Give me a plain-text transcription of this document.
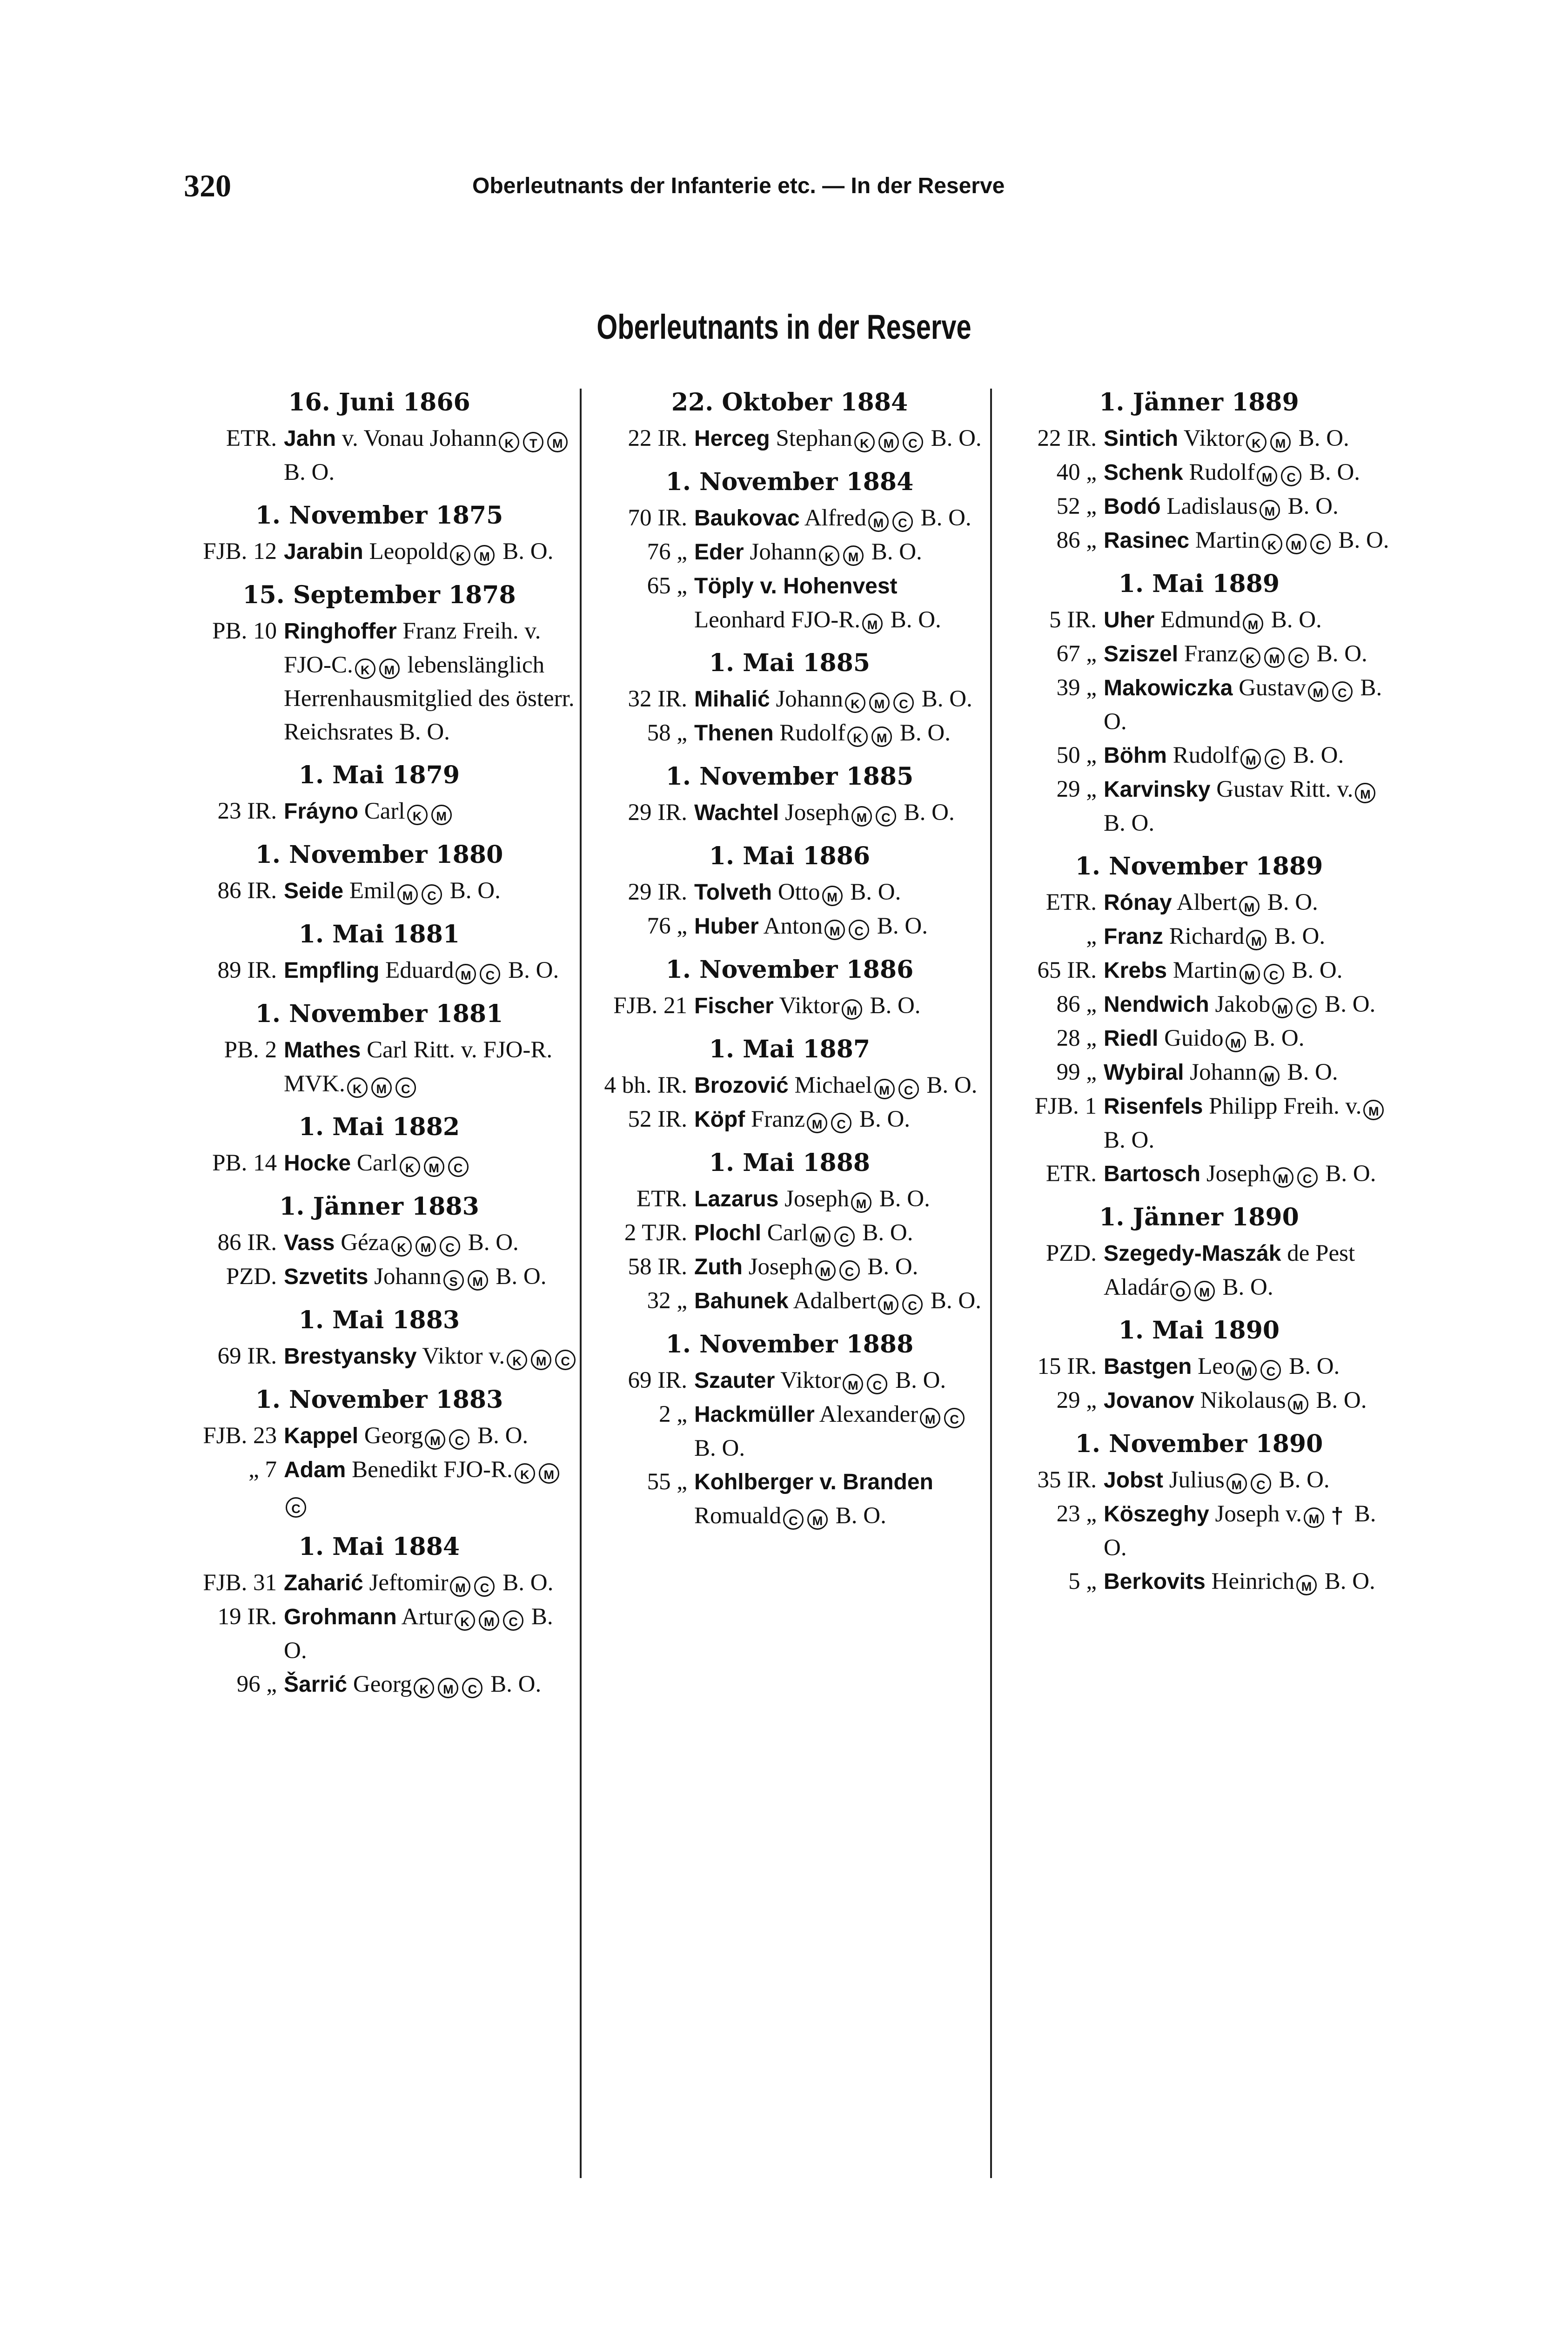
320	Oberleutnants der Infanterie etc. — In der Reserve
Oberleutnants in der Reserve
16. Juni 1866
ETR. Jahn v. Vonau Johann K T M B. O.
1. November 1875
FJB. 12 Jarabin Leopold K M B. O.
15. September 1878
PB. 10 Ringhoffer Franz Freih. v. FJO-C. K M lebenslänglich Herrenhausmitglied des österr. Reichsrates B. O.
1. Mai 1879
23 IR. Fráyno Carl K M
1. November 1880
86 IR. Seide Emil M C B. O.
1. Mai 1881
89 IR. Empfling Eduard M C B. O.
1. November 1881
PB. 2 Mathes Carl Ritt. v. FJO-R. MVK. K M C
1. Mai 1882
PB. 14 Hocke Carl K M C
1. Jänner 1883
86 IR. Vass Géza K M C B. O.
PZD. Szvetits Johann S M B. O.
1. Mai 1883
69 IR. Brestyansky Viktor v. K M C
1. November 1883
FJB. 23 Kappel Georg M C B. O.
„ 7 Adam Benedikt FJO-R. K MC
1. Mai 1884
FJB. 31 Zaharić Jeftomir M C B. O.
19 IR. Grohmann Artur K M C B. O.
96 „ Šarrić Georg K M C B. O.
22. Oktober 1884
22 IR. Herceg Stephan K M C B. O.
1. November 1884
70 IR. Baukovac Alfred M C B. O.
76 „ Eder Johann K M B. O.
65 „ Töply v. Hohenvest Leonhard FJO-R. M B. O.
1. Mai 1885
32 IR. Mihalić Johann K M C B. O.
58 „ Thenen Rudolf K M B. O.
1. November 1885
29 IR. Wachtel Joseph M C B. O.
1. Mai 1886
29 IR. Tolveth Otto M B. O.
76 „ Huber Anton M C B. O.
1. November 1886
FJB. 21 Fischer Viktor M B. O.
1. Mai 1887
4 bh. IR. Brozović Michael M C B. O.
52 IR. Köpf Franz M C B. O.
1. Mai 1888
ETR. Lazarus Joseph M B. O.
2 TJR. Plochl Carl M C B. O.
58 IR. Zuth Joseph M C B. O.
32 „ Bahunek Adalbert M C B. O.
1. November 1888
69 IR. Szauter Viktor M C B. O.
2 „ Hackmüller Alexander M C B. O.
55 „ Kohlberger v. Branden Romuald C M B. O.
1. Jänner 1889
22 IR. Sintich Viktor K M B. O.
40 „ Schenk Rudolf M C B. O.
52 „ Bodó Ladislaus M B. O.
86 „ Rasinec Martin K M C B. O.
1. Mai 1889
5 IR. Uher Edmund M B. O.
67 „ Sziszel Franz K M C B. O.
39 „ Makowiczka Gustav M C B. O.
50 „ Böhm Rudolf M C B. O.
29 „ Karvinsky Gustav Ritt. v. M B. O.
1. November 1889
ETR. Rónay Albert M B. O.
„ Franz Richard M B. O.
65 IR. Krebs Martin M C B. O.
86 „ Nendwich Jakob M C B. O.
28 „ Riedl Guido M B. O.
99 „ Wybiral Johann M B. O.
FJB. 1 Risenfels Philipp Freih. v. M B. O.
ETR. Bartosch Joseph M C B. O.
1. Jänner 1890
PZD. Szegedy-Maszák de Pest Aladár O M B. O.
1. Mai 1890
15 IR. Bastgen Leo M C B. O.
29 „ Jovanov Nikolaus M B. O.
1. November 1890
35 IR. Jobst Julius M C B. O.
23 „ Köszeghy Joseph v. M † B. O.
5 „ Berkovits Heinrich M B. O.
